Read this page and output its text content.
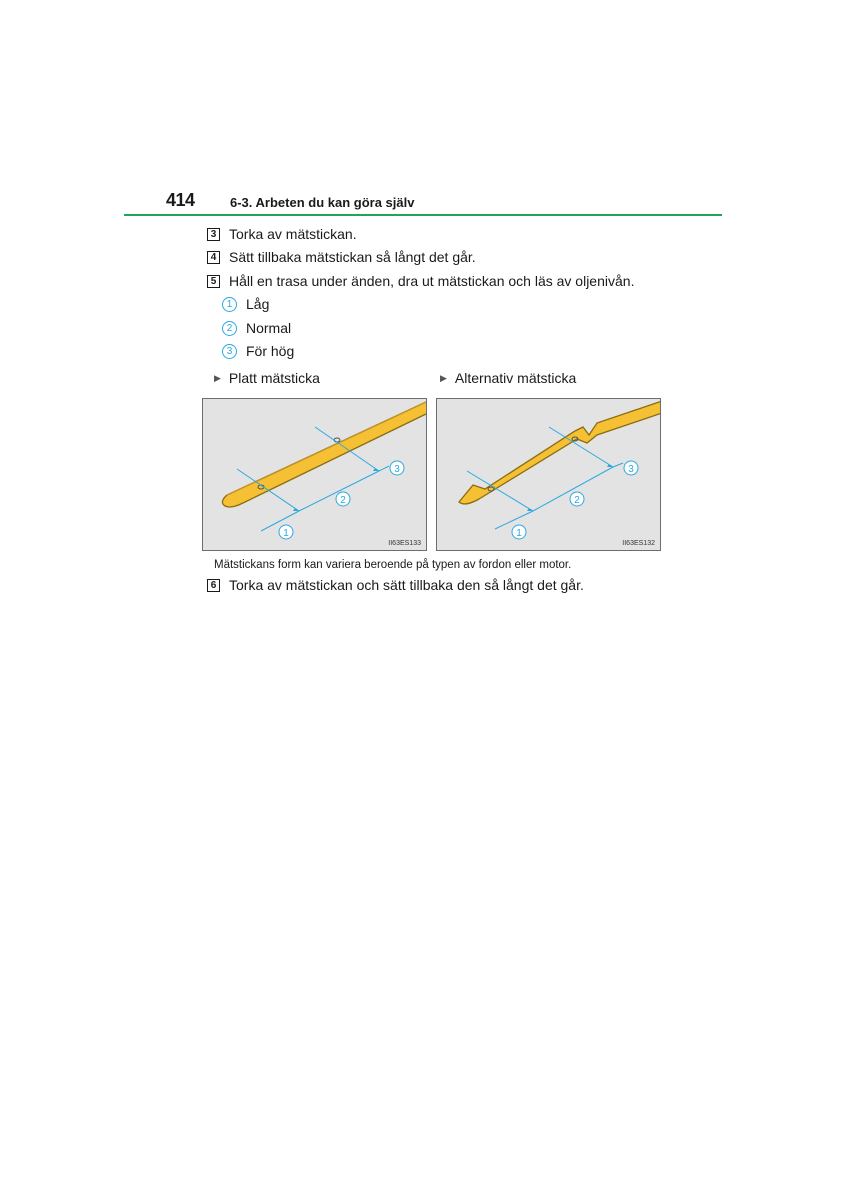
414	6-3. Arbeten du kan göra själv
3 Torka av mätstickan.
4 Sätt tillbaka mätstickan så långt det går.
5 Håll en trasa under änden, dra ut mätstickan och läs av oljenivån.
1 Låg
2 Normal
3 För hög
▶ Platt mätsticka	▶ Alternativ mätsticka
1
2
3
II63ES133
1
2
3
II63ES132
Mätstickans form kan variera beroende på typen av fordon eller motor.
6 Torka av mätstickan och sätt tillbaka den så långt det går.
